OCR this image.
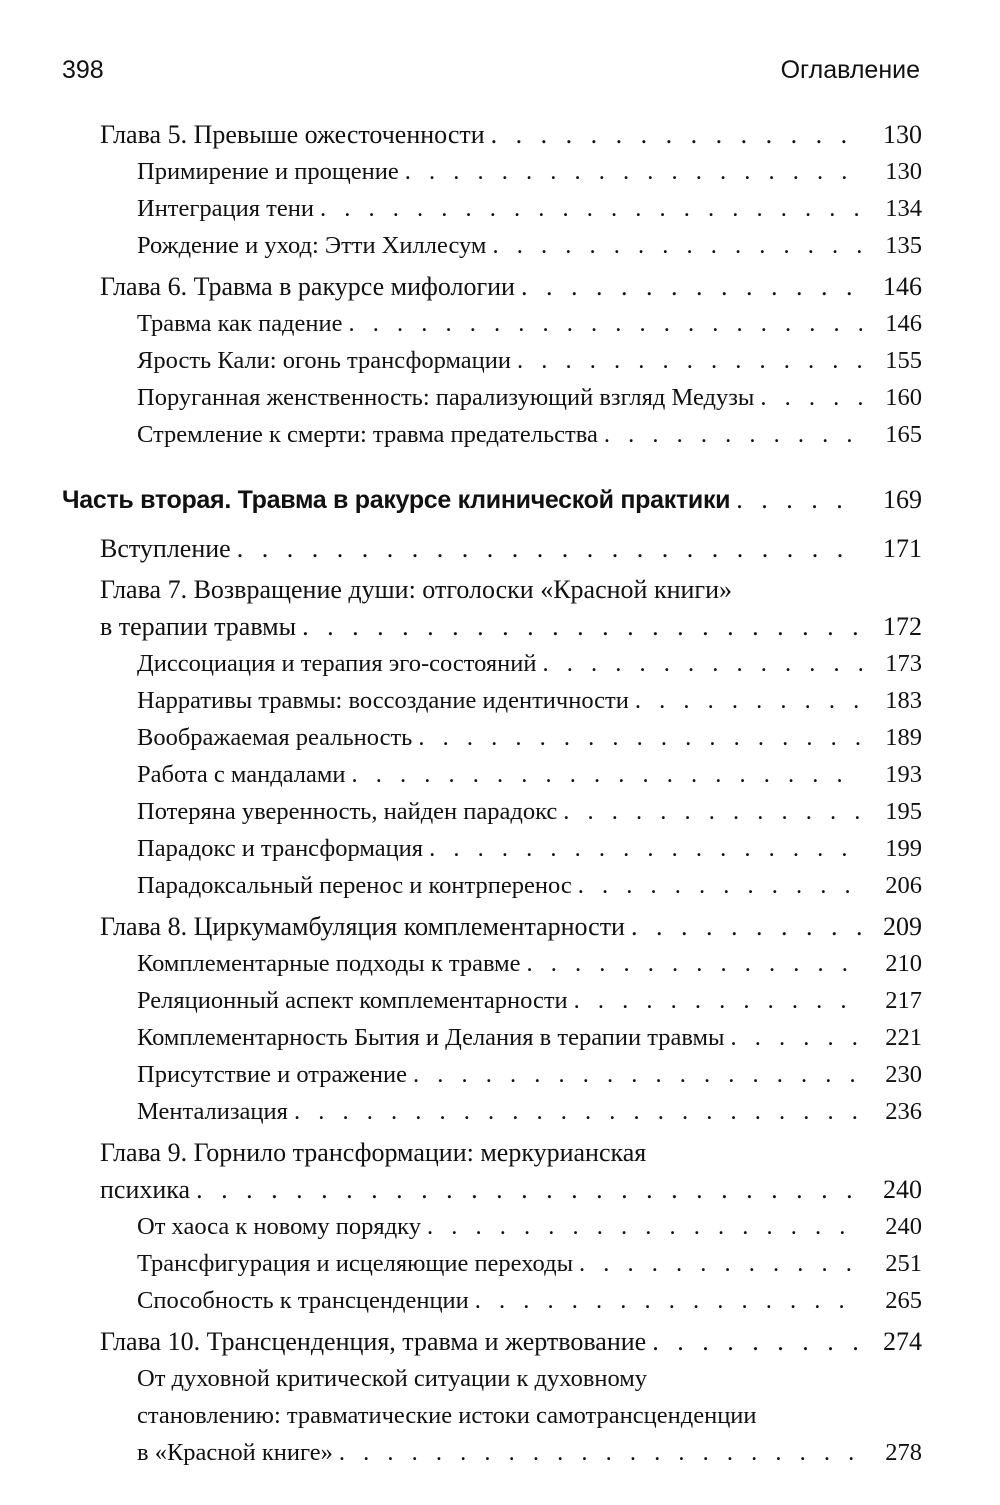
398	Оглавление
Глава 5. Превыше ожесточенности . . .	130
Примирение и прощение . . .	130
Интеграция тени . . .	134
Рождение и уход: Этти Хиллесум . . .	135
Глава 6. Травма в ракурсе мифологии . . .	146
Травма как падение . . .	146
Ярость Кали: огонь трансформации . . .	155
Поруганная женственность: парализующий взгляд Медузы . . .	160
Стремление к смерти: травма предательства . . .	165
Часть вторая. Травма в ракурсе клинической практики . . .	169
Вступление . . .	171
Глава 7. Возвращение души: отголоски «Красной книги»
в терапии травмы . . .	172
Диссоциация и терапия эго-состояний . . .	173
Нарративы травмы: воссоздание идентичности . . .	183
Воображаемая реальность . . .	189
Работа с мандалами . . .	193
Потеряна уверенность, найден парадокс . . .	195
Парадокс и трансформация . . .	199
Парадоксальный перенос и контрперенос . . .	206
Глава 8. Циркумамбуляция комплементарности . . .	209
Комплементарные подходы к травме . . .	210
Реляционный аспект комплементарности . . .	217
Комплементарность Бытия и Делания в терапии травмы . . .	221
Присутствие и отражение . . .	230
Ментализация . . .	236
Глава 9. Горнило трансформации: меркурианская
психика . . .	240
От хаоса к новому порядку . . .	240
Трансфигурация и исцеляющие переходы . . .	251
Способность к трансценденции . . .	265
Глава 10. Трансценденция, травма и жертвование . . .	274
От духовной критической ситуации к духовному
становлению: травматические истоки самотрансценденции
в «Красной книге» . . .	278
